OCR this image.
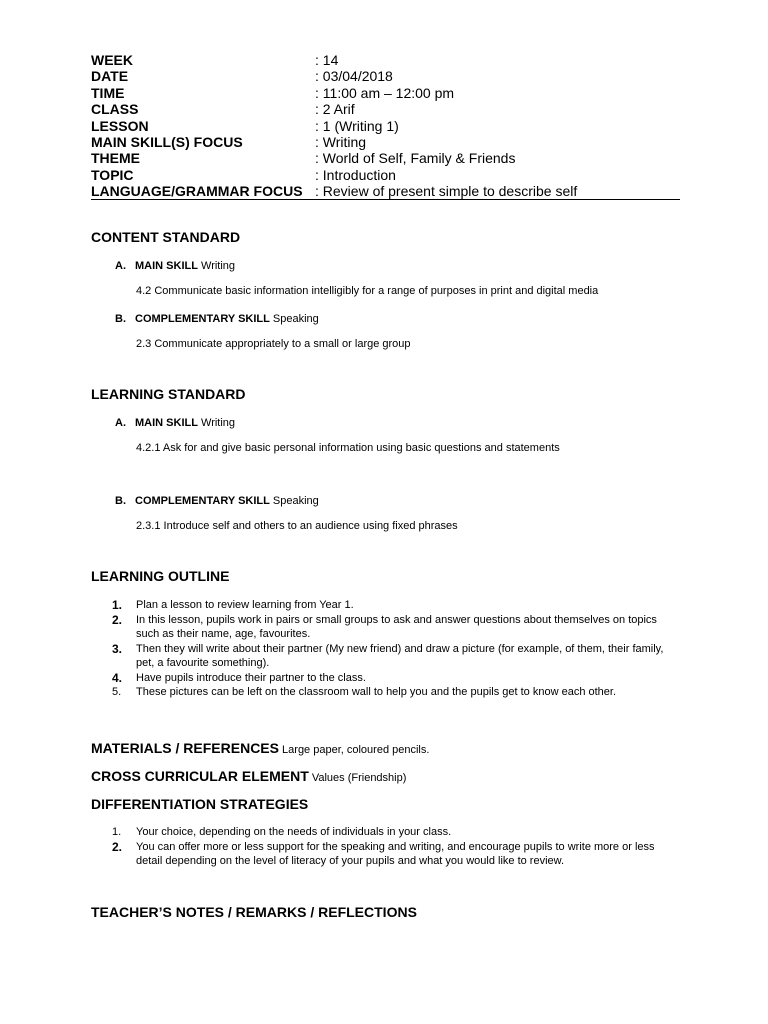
WEEK	: 14
DATE	: 03/04/2018
TIME	: 11:00 am – 12:00 pm
CLASS	: 2 Arif
LESSON	: 1 (Writing 1)
MAIN SKILL(S) FOCUS	: Writing
THEME	: World of Self, Family & Friends
TOPIC	: Introduction
LANGUAGE/GRAMMAR FOCUS : Review of present simple to describe self
CONTENT STANDARD
A. MAIN SKILL Writing
4.2 Communicate basic information intelligibly for a range of purposes in print and digital media
B. COMPLEMENTARY SKILL Speaking
2.3 Communicate appropriately to a small or large group
LEARNING STANDARD
A. MAIN SKILL Writing
4.2.1 Ask for and give basic personal information using basic questions and statements
B. COMPLEMENTARY SKILL Speaking
2.3.1 Introduce self and others to an audience using fixed phrases
LEARNING OUTLINE
1. Plan a lesson to review learning from Year 1.
2. In this lesson, pupils work in pairs or small groups to ask and answer questions about themselves on topics such as their name, age, favourites.
3. Then they will write about their partner (My new friend) and draw a picture (for example, of them, their family, pet, a favourite something).
4. Have pupils introduce their partner to the class.
5. These pictures can be left on the classroom wall to help you and the pupils get to know each other.
MATERIALS / REFERENCES Large paper, coloured pencils.
CROSS CURRICULAR ELEMENT Values (Friendship)
DIFFERENTIATION STRATEGIES
1. Your choice, depending on the needs of individuals in your class.
2. You can offer more or less support for the speaking and writing, and encourage pupils to write more or less detail depending on the level of literacy of your pupils and what you would like to review.
TEACHER’S NOTES / REMARKS / REFLECTIONS
